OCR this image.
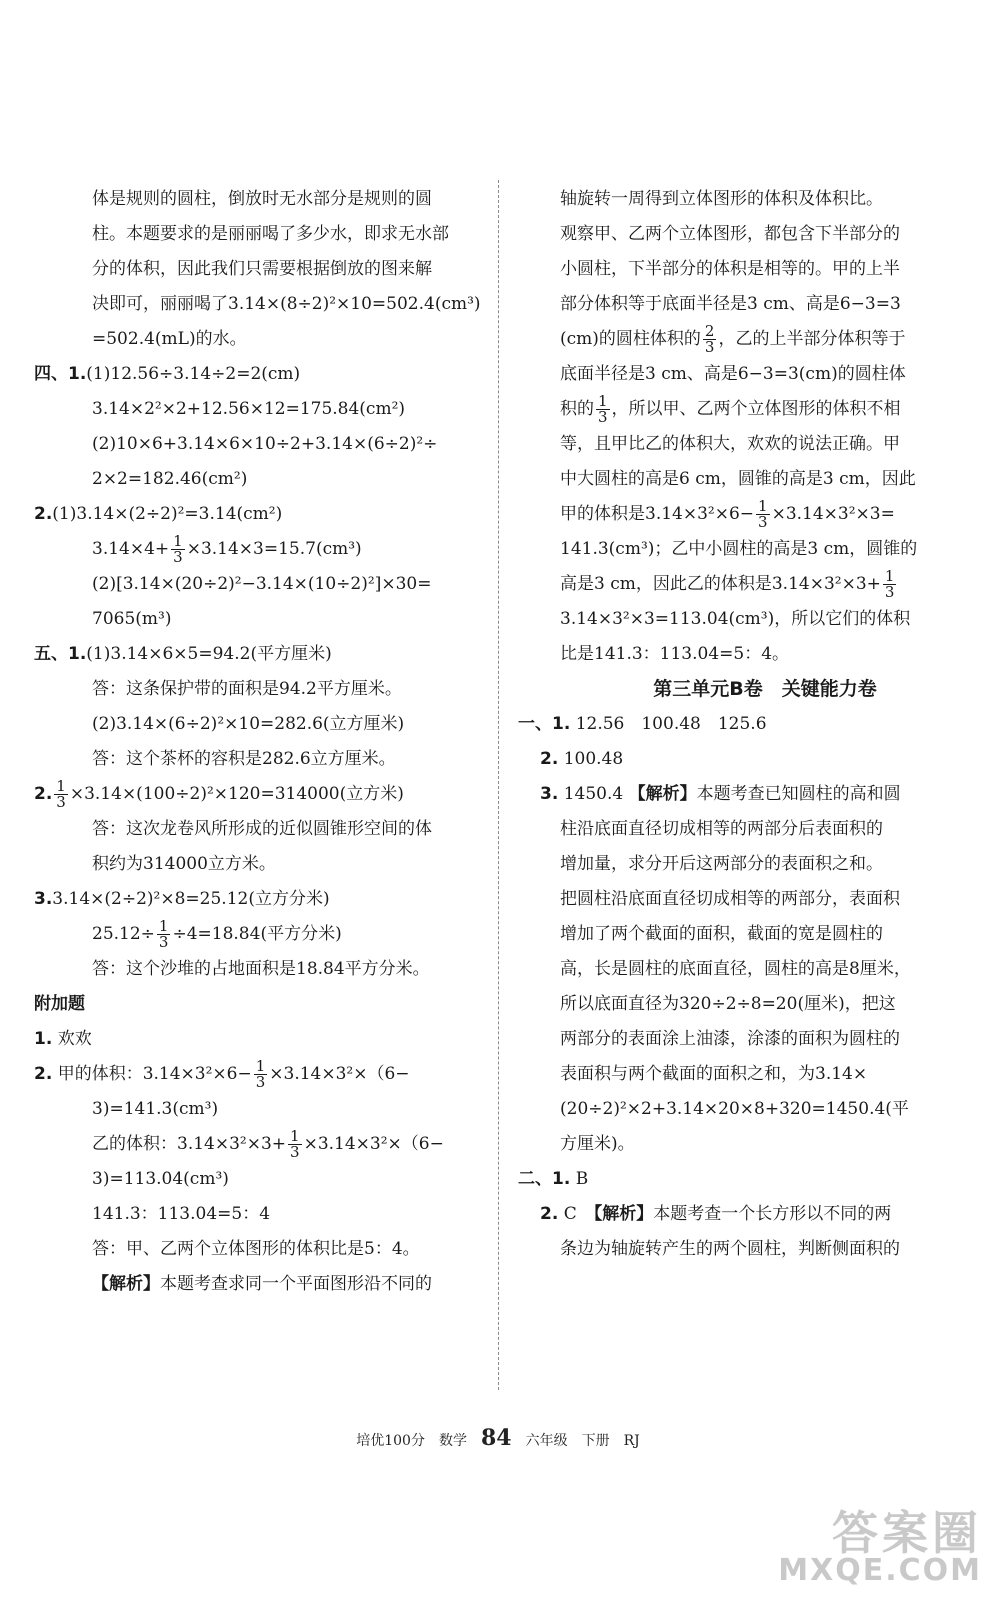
体是规则的圆柱，倒放时无水部分是规则的圆

柱。本题要求的是丽丽喝了多少水，即求无水部

分的体积，因此我们只需要根据倒放的图来解

决即可，丽丽喝了3.14×(8÷2)²×10=502.4(cm³)

=502.4(mL)的水。

四、1.(1)12.56÷3.14÷2=2(cm)

3.14×2²×2+12.56×12=175.84(cm²)

(2)10×6+3.14×6×10÷2+3.14×(6÷2)²÷

2×2=182.46(cm²)

2.(1)3.14×(2÷2)²=3.14(cm²)

$3.14\times 4+ \frac{1}{3} \times 3.14\times 3=15.7(cm^3)$

(2)[3.14×(20÷2)²−3.14×(10÷2)²]×30=

7065(m³)

五、1.(1)3.14×6×5=94.2(平方厘米)

答：这条保护带的面积是94.2平方厘米。

(2)3.14×(6÷2)²×10=282.6(立方厘米)

答：这个茶杯的容积是282.6立方厘米。

2. $\frac{1}{3} \times 3.14\times(100\div 2)^2\times 120=314000$(立方米)

答：这次龙卷风所形成的近似圆锥形空间的体

积约为314000立方米。

3.3.14×(2÷2)²×8=25.12(立方分米)

$25.12\div \frac{1}{3} \div 4=18.84$(平方分米)

答：这个沙堆的占地面积是18.84平方分米。

附加题

1. 欢欢

2. 甲的体积：$3.14\times 3^2\times 6- \frac{1}{3} \times 3.14\times 3^2\times(6-$

3)=141.3(cm³)

乙的体积：$3.14\times 3^2\times 3+ \frac{1}{3} \times 3.14\times 3^2\times(6-$

3)=113.04(cm³)

141.3：113.04=5：4

答：甲、乙两个立体图形的体积比是5：4。

【解析】本题考查求同一个平面图形沿不同的

轴旋转一周得到立体图形的体积及体积比。

观察甲、乙两个立体图形，都包含下半部分的

小圆柱，下半部分的体积是相等的。甲的上半

部分体积等于底面半径是3 cm、高是6−3=3

(cm)的圆柱体积的 $\frac{2}{3}$ ，乙的上半部分体积等于

底面半径是3 cm、高是6−3=3(cm)的圆柱体

积的 $\frac{1}{3}$ ，所以甲、乙两个立体图形的体积不相

等，且甲比乙的体积大，欢欢的说法正确。甲

中大圆柱的高是6 cm，圆锥的高是3 cm，因此

甲的体积是$3.14\times 3^2\times 6- \frac{1}{3} \times 3.14\times 3^2\times 3=$

141.3(cm³)；乙中小圆柱的高是3 cm，圆锥的

高是3 cm，因此乙的体积是$3.14\times 3^2\times 3+ \frac{1}{3}$

3.14×3²×3=113.04(cm³)，所以它们的体积

比是141.3：113.04=5：4。

第三单元B卷　关键能力卷

一、1. 12.56　100.48　125.6

2. 100.48

3. 1450.4 【解析】本题考查已知圆柱的高和圆

柱沿底面直径切成相等的两部分后表面积的

增加量，求分开后这两部分的表面积之和。

把圆柱沿底面直径切成相等的两部分，表面积

增加了两个截面的面积，截面的宽是圆柱的

高，长是圆柱的底面直径，圆柱的高是8厘米，

所以底面直径为320÷2÷8=20(厘米)，把这

两部分的表面涂上油漆，涂漆的面积为圆柱的

表面积与两个截面的面积之和，为3.14×

(20÷2)²×2+3.14×20×8+320=1450.4(平

方厘米)。

二、1. B

2. C　【解析】本题考查一个长方形以不同的两

条边为轴旋转产生的两个圆柱，判断侧面积的

培优100分 数学 84 六年级 下册 RJ
答案圈
MXQE.COM
